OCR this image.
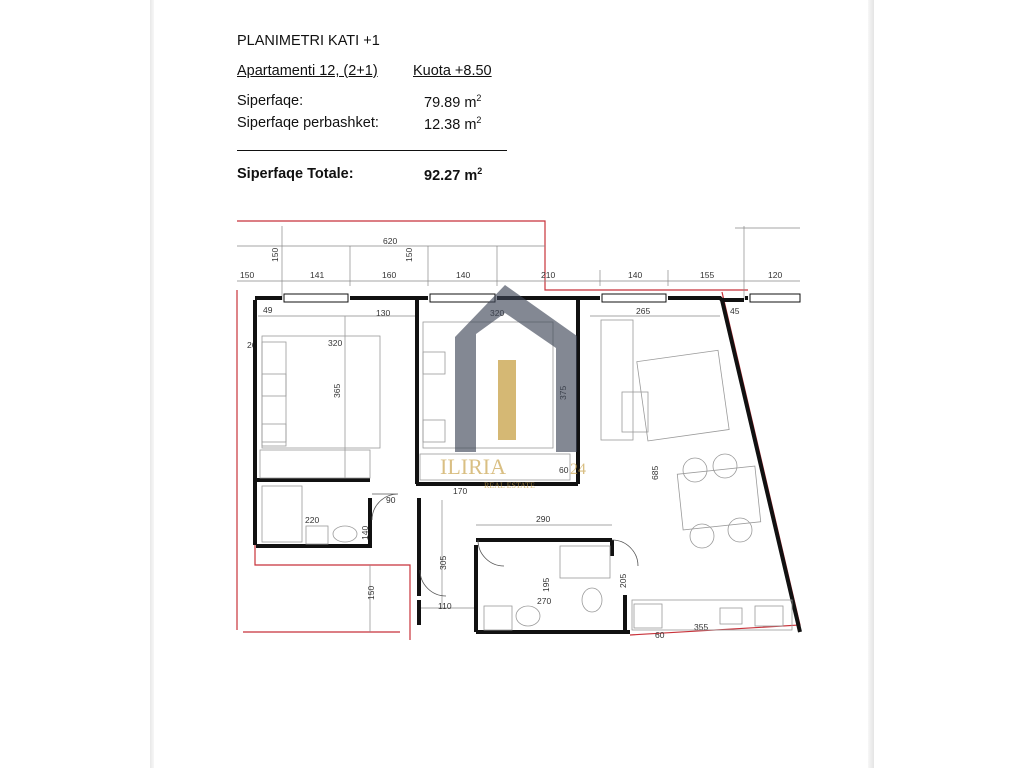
PLANIMETRI KATI +1
Apartamenti 12, (2+1) Kuota +8.50
Siperfaqe:	79.89 $m^2$
Siperfaqe perbashket:	12.38 $m^2$
Siperfaqe Totale:	92.27 $m^2$
620
150	141	160	140	210	140	155	120
150	150
49	130	265	45
320
365
685
26
90
170
60
220
140
290
305
195
270
205
110
150
355
60
ILIRIA	24
REAL ESTATE
